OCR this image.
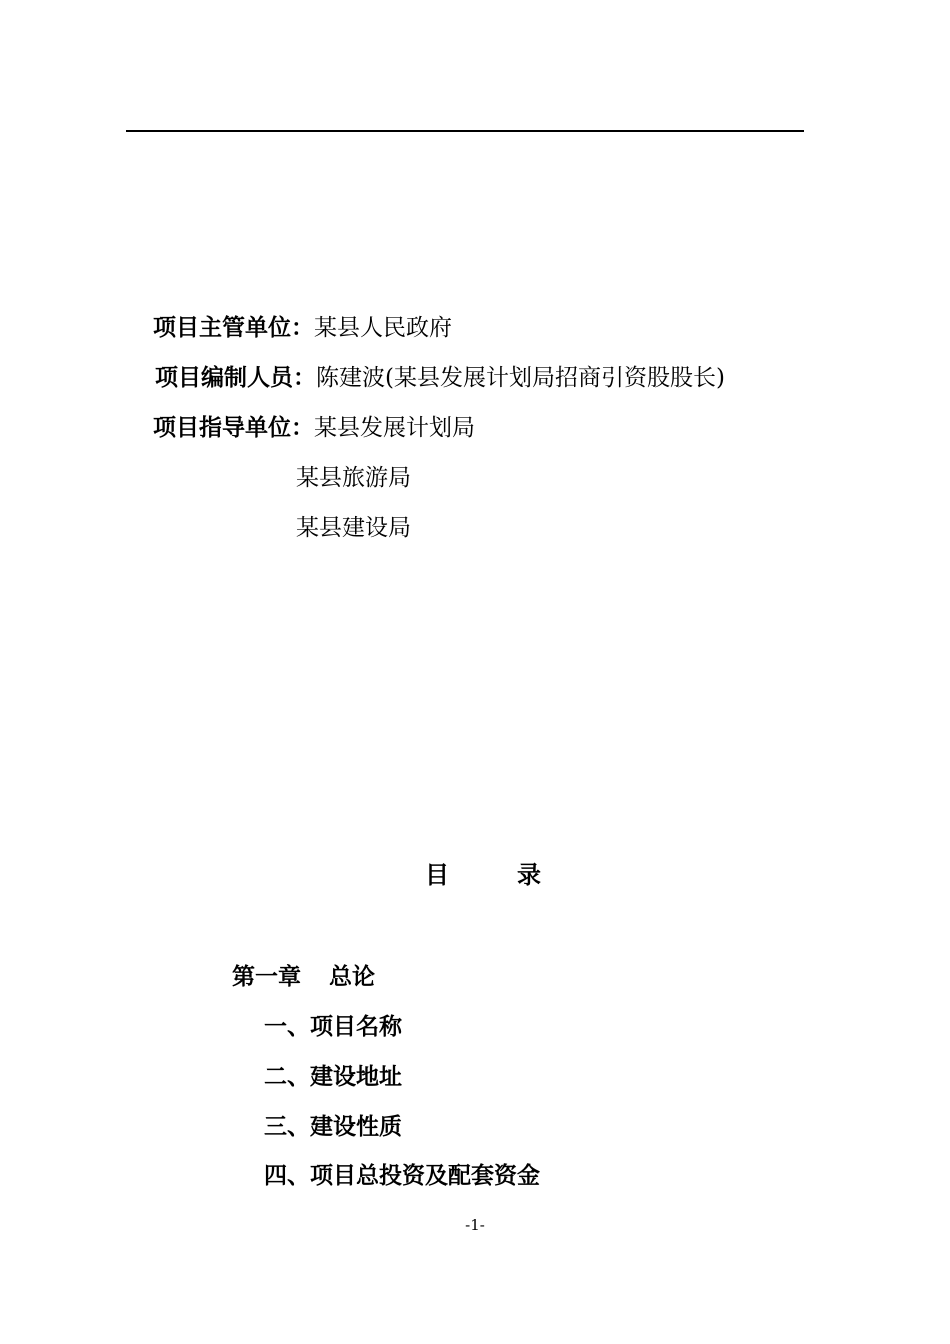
项目主管单位：某县人民政府
项目编制人员：陈建波(某县发展计划局招商引资股股长)
项目指导单位：某县发展计划局
某县旅游局
某县建设局
目	录
第一章 总论
一、项目名称
二、建设地址
三、建设性质
四、项目总投资及配套资金
-1-
